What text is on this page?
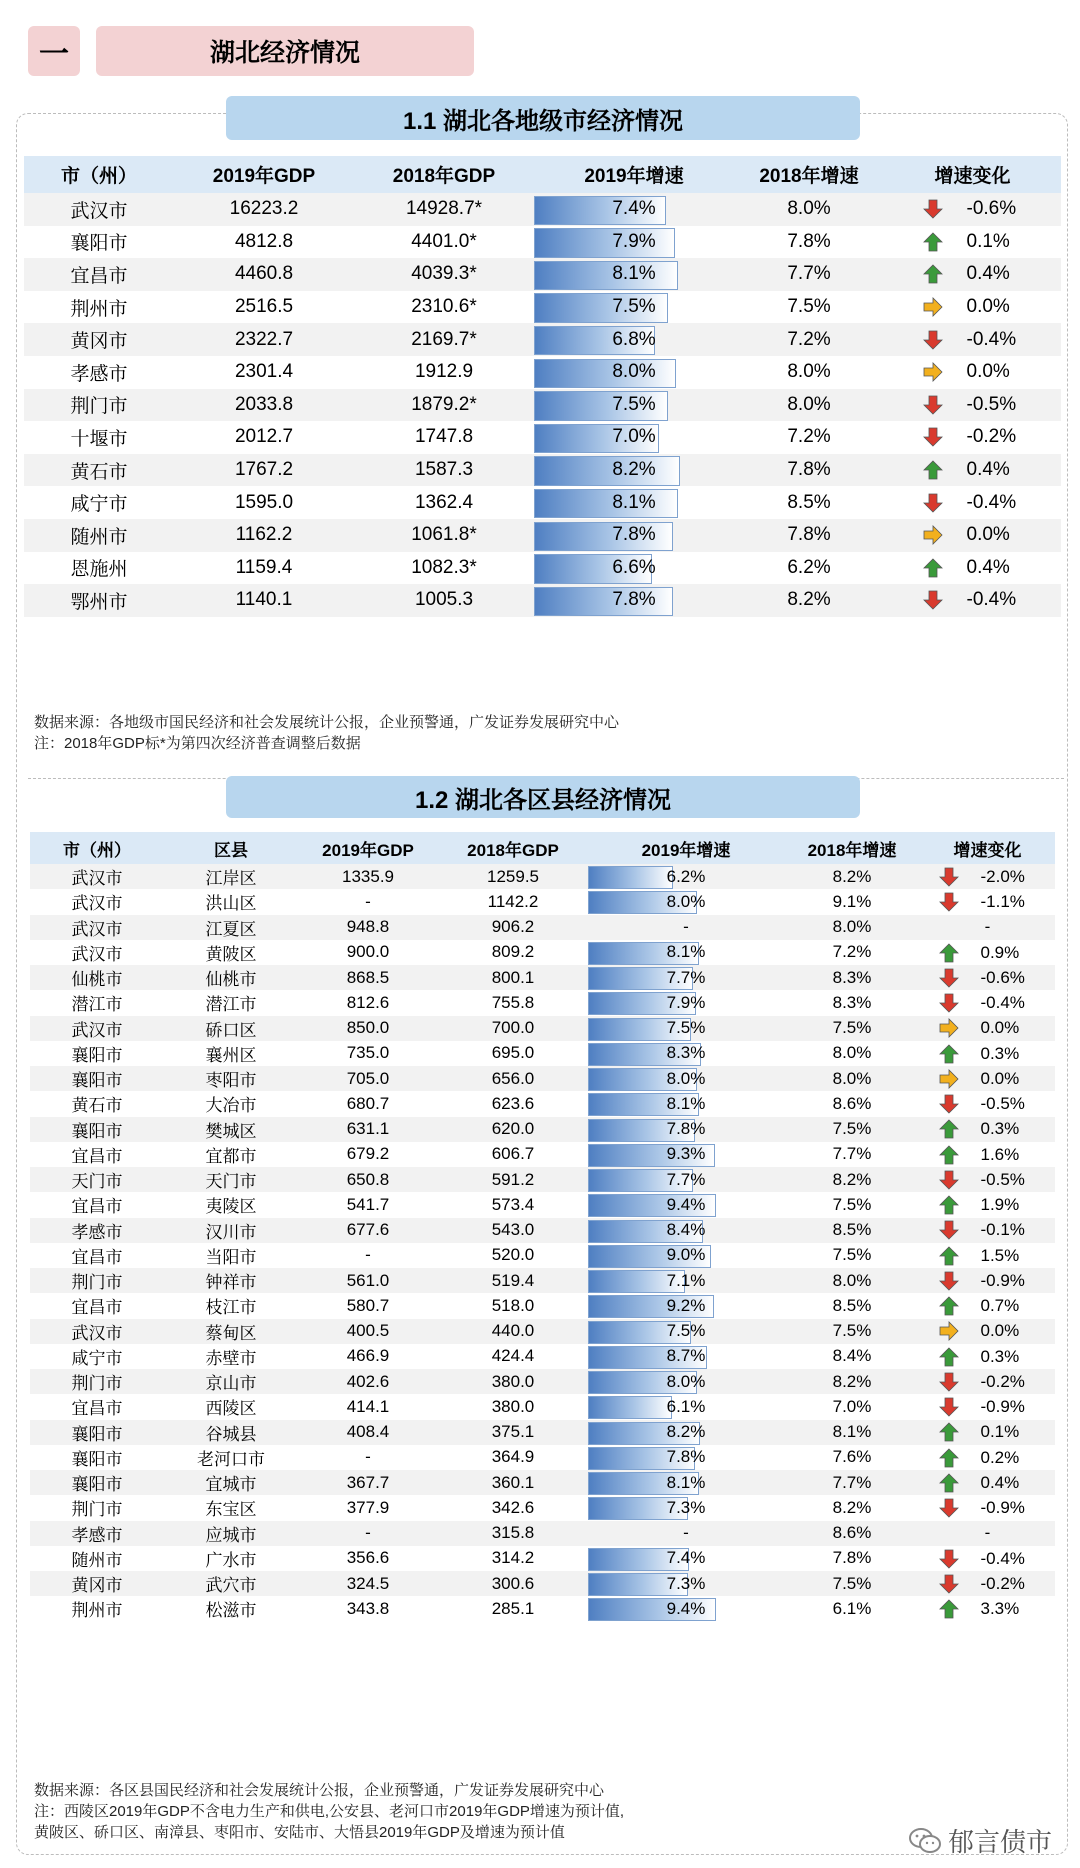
一	湖北经济情况
1.1 湖北各地级市经济情况
市（州）	2019年GDP	2018年GDP	2019年增速	2018年增速	增速变化
武汉市	16223.2	14928.7*	7.4%	8.0%	-0.6%
襄阳市	4812.8	4401.0*	7.9%	7.8%	0.1%
宜昌市	4460.8	4039.3*	8.1%	7.7%	0.4%
荆州市	2516.5	2310.6*	7.5%	7.5%	0.0%
黄冈市	2322.7	2169.7*	6.8%	7.2%	-0.4%
孝感市	2301.4	1912.9	8.0%	8.0%	0.0%
荆门市	2033.8	1879.2*	7.5%	8.0%	-0.5%
十堰市	2012.7	1747.8	7.0%	7.2%	-0.2%
黄石市	1767.2	1587.3	8.2%	7.8%	0.4%
咸宁市	1595.0	1362.4	8.1%	8.5%	-0.4%
随州市	1162.2	1061.8*	7.8%	7.8%	0.0%
恩施州	1159.4	1082.3*	6.6%	6.2%	0.4%
鄂州市	1140.1	1005.3	7.8%	8.2%	-0.4%
数据来源：各地级市国民经济和社会发展统计公报，企业预警通，广发证券发展研究中心
注：2018年GDP标*为第四次经济普查调整后数据
1.2 湖北各区县经济情况
市（州）	区县	2019年GDP	2018年GDP	2019年增速	2018年增速	增速变化
武汉市	江岸区	1335.9	1259.5	6.2%	8.2%	-2.0%
武汉市	洪山区	-	1142.2	8.0%	9.1%	-1.1%
武汉市	江夏区	948.8	906.2	-	8.0%	-
武汉市	黄陂区	900.0	809.2	8.1%	7.2%	0.9%
仙桃市	仙桃市	868.5	800.1	7.7%	8.3%	-0.6%
潜江市	潜江市	812.6	755.8	7.9%	8.3%	-0.4%
武汉市	硚口区	850.0	700.0	7.5%	7.5%	0.0%
襄阳市	襄州区	735.0	695.0	8.3%	8.0%	0.3%
襄阳市	枣阳市	705.0	656.0	8.0%	8.0%	0.0%
黄石市	大冶市	680.7	623.6	8.1%	8.6%	-0.5%
襄阳市	樊城区	631.1	620.0	7.8%	7.5%	0.3%
宜昌市	宜都市	679.2	606.7	9.3%	7.7%	1.6%
天门市	天门市	650.8	591.2	7.7%	8.2%	-0.5%
宜昌市	夷陵区	541.7	573.4	9.4%	7.5%	1.9%
孝感市	汉川市	677.6	543.0	8.4%	8.5%	-0.1%
宜昌市	当阳市	-	520.0	9.0%	7.5%	1.5%
荆门市	钟祥市	561.0	519.4	7.1%	8.0%	-0.9%
宜昌市	枝江市	580.7	518.0	9.2%	8.5%	0.7%
武汉市	蔡甸区	400.5	440.0	7.5%	7.5%	0.0%
咸宁市	赤壁市	466.9	424.4	8.7%	8.4%	0.3%
荆门市	京山市	402.6	380.0	8.0%	8.2%	-0.2%
宜昌市	西陵区	414.1	380.0	6.1%	7.0%	-0.9%
襄阳市	谷城县	408.4	375.1	8.2%	8.1%	0.1%
襄阳市	老河口市	-	364.9	7.8%	7.6%	0.2%
襄阳市	宜城市	367.7	360.1	8.1%	7.7%	0.4%
荆门市	东宝区	377.9	342.6	7.3%	8.2%	-0.9%
孝感市	应城市	-	315.8	-	8.6%	-
随州市	广水市	356.6	314.2	7.4%	7.8%	-0.4%
黄冈市	武穴市	324.5	300.6	7.3%	7.5%	-0.2%
荆州市	松滋市	343.8	285.1	9.4%	6.1%	3.3%
数据来源：各区县国民经济和社会发展统计公报，企业预警通，广发证券发展研究中心
注：西陵区2019年GDP不含电力生产和供电,公安县、老河口市2019年GDP增速为预计值,
黄陂区、硚口区、南漳县、枣阳市、安陆市、大悟县2019年GDP及增速为预计值	郁言债市
